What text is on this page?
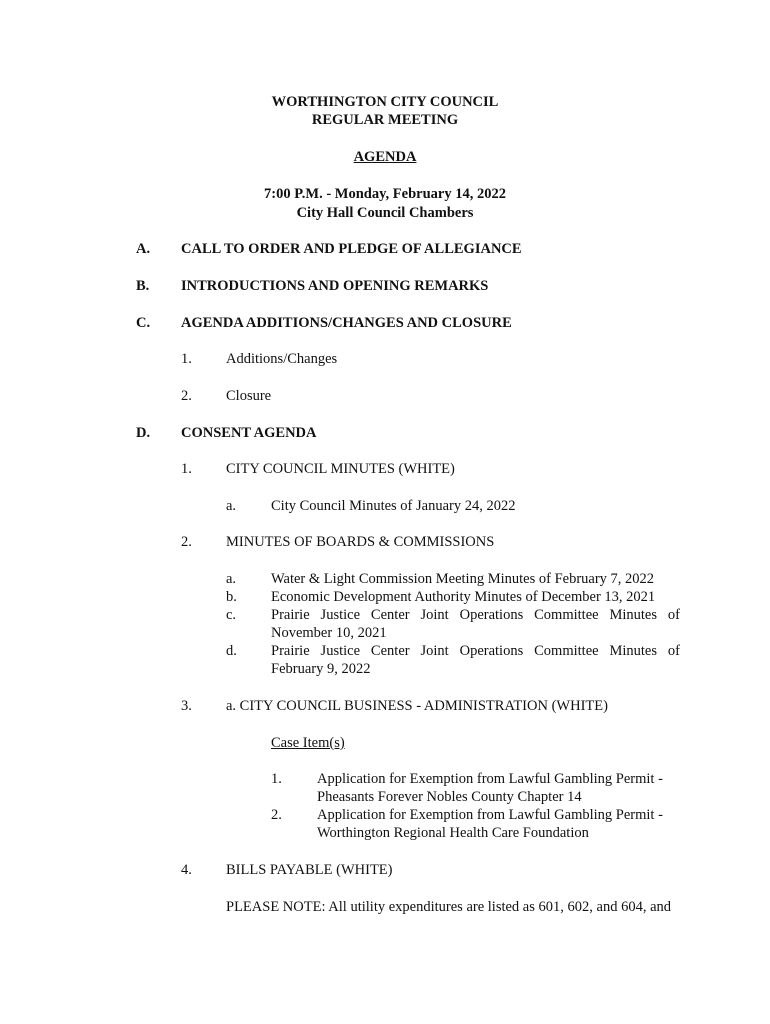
WORTHINGTON CITY COUNCIL
REGULAR MEETING
AGENDA
7:00 P.M. - Monday, February 14, 2022
City Hall Council Chambers
A. CALL TO ORDER AND PLEDGE OF ALLEGIANCE
B. INTRODUCTIONS AND OPENING REMARKS
C. AGENDA ADDITIONS/CHANGES AND CLOSURE
1. Additions/Changes
2. Closure
D. CONSENT AGENDA
1. CITY COUNCIL MINUTES (WHITE)
a. City Council Minutes of January 24, 2022
2. MINUTES OF BOARDS & COMMISSIONS
a. Water & Light Commission Meeting Minutes of February 7, 2022
b. Economic Development Authority Minutes of December 13, 2021
c. Prairie Justice Center Joint Operations Committee Minutes of
November 10, 2021
d. Prairie Justice Center Joint Operations Committee Minutes of
February 9, 2022
3. a. CITY COUNCIL BUSINESS - ADMINISTRATION (WHITE)
Case Item(s)
1. Application for Exemption from Lawful Gambling Permit -
Pheasants Forever Nobles County Chapter 14
2. Application for Exemption from Lawful Gambling Permit -
Worthington Regional Health Care Foundation
4. BILLS PAYABLE (WHITE)
PLEASE NOTE: All utility expenditures are listed as 601, 602, and 604, and
